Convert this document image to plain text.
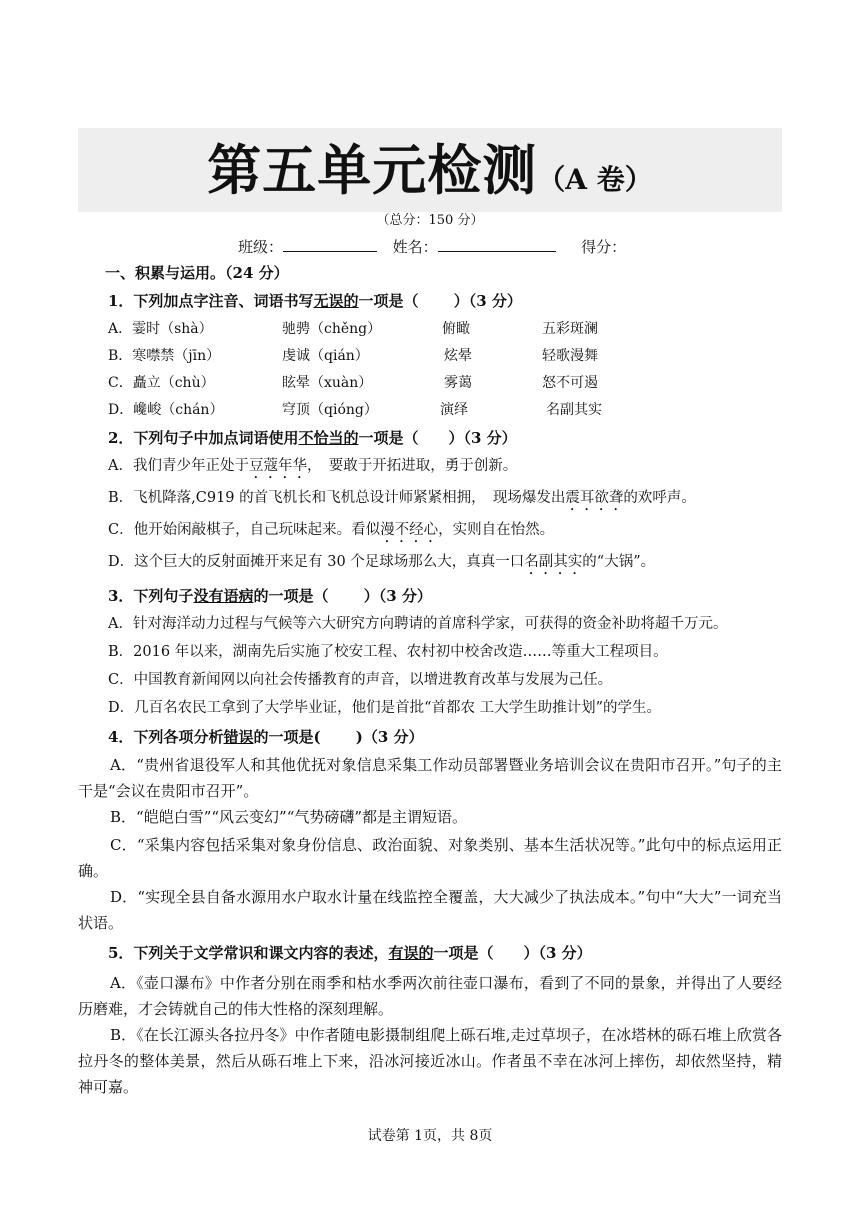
第五单元检测（A 卷）
（总分：150 分）
班级：	姓名：	得分：
一、积累与运用。（24 分）
1．下列加点字注音、词语书写无误的一项是（　　 ）（3 分）
A．霎时（shà）	驰骋（chěng）	俯瞰	五彩斑澜
B．寒噤禁（jīn）	虔诚（qián）	炫晕	轻歌漫舞
C．矗立（chù）	眩晕（xuàn）	雾蔼	怒不可遏
D．巉峻（chán）	穹顶（qióng）	演绎	名副其实
2．下列句子中加点词语使用不恰当的一项是（　　）（3 分）
A．我们青少年正处于豆蔻年华，　要敢于开拓进取，勇于创新。
B．飞机降落,C919 的首飞机长和飞机总设计师紧紧相拥，　现场爆发出震耳欲聋的欢呼声。
C．他开始闲敲棋子，自己玩味起来。看似漫不经心，实则自在怡然。
D．这个巨大的反射面摊开来足有 30 个足球场那么大，真真一口名副其实的“大锅”。
3．下列句子没有语病的一项是（　　 ）（3 分）
A．针对海洋动力过程与气候等六大研究方向聘请的首席科学家，可获得的资金补助将超千万元。
B．2016 年以来，湖南先后实施了校安工程、农村初中校舍改造……等重大工程项目。
C．中国教育新闻网以向社会传播教育的声音，以增进教育改革与发展为己任。
D．几百名农民工拿到了大学毕业证，他们是首批“首都农 工大学生助推计划”的学生。
4．下列各项分析错误的一项是(　　 )（3 分）
A．“贵州省退役军人和其他优抚对象信息采集工作动员部署暨业务培训会议在贵阳市召开。”句子的主干是“会议在贵阳市召开”。
B．“皑皑白雪”“风云变幻”“气势磅礴”都是主谓短语。
C．“采集内容包括采集对象身份信息、政治面貌、对象类别、基本生活状况等。”此句中的标点运用正确。
D．“实现全县自备水源用水户取水计量在线监控全覆盖，大大减少了执法成本。”句中“大大”一词充当状语。
5．下列关于文学常识和课文内容的表述，有误的一项是（　　）（3 分）
A．《壶口瀑布》中作者分别在雨季和枯水季两次前往壶口瀑布，看到了不同的景象，并得出了人要经历磨难，才会铸就自己的伟大性格的深刻理解。
B．《在长江源头各拉丹冬》中作者随电影摄制组爬上砾石堆,走过草坝子，在冰塔林的砾石堆上欣赏各拉丹冬的整体美景，然后从砾石堆上下来，沿冰河接近冰山。作者虽不幸在冰河上摔伤，却依然坚持，精神可嘉。
试卷第 1页，共 8页
